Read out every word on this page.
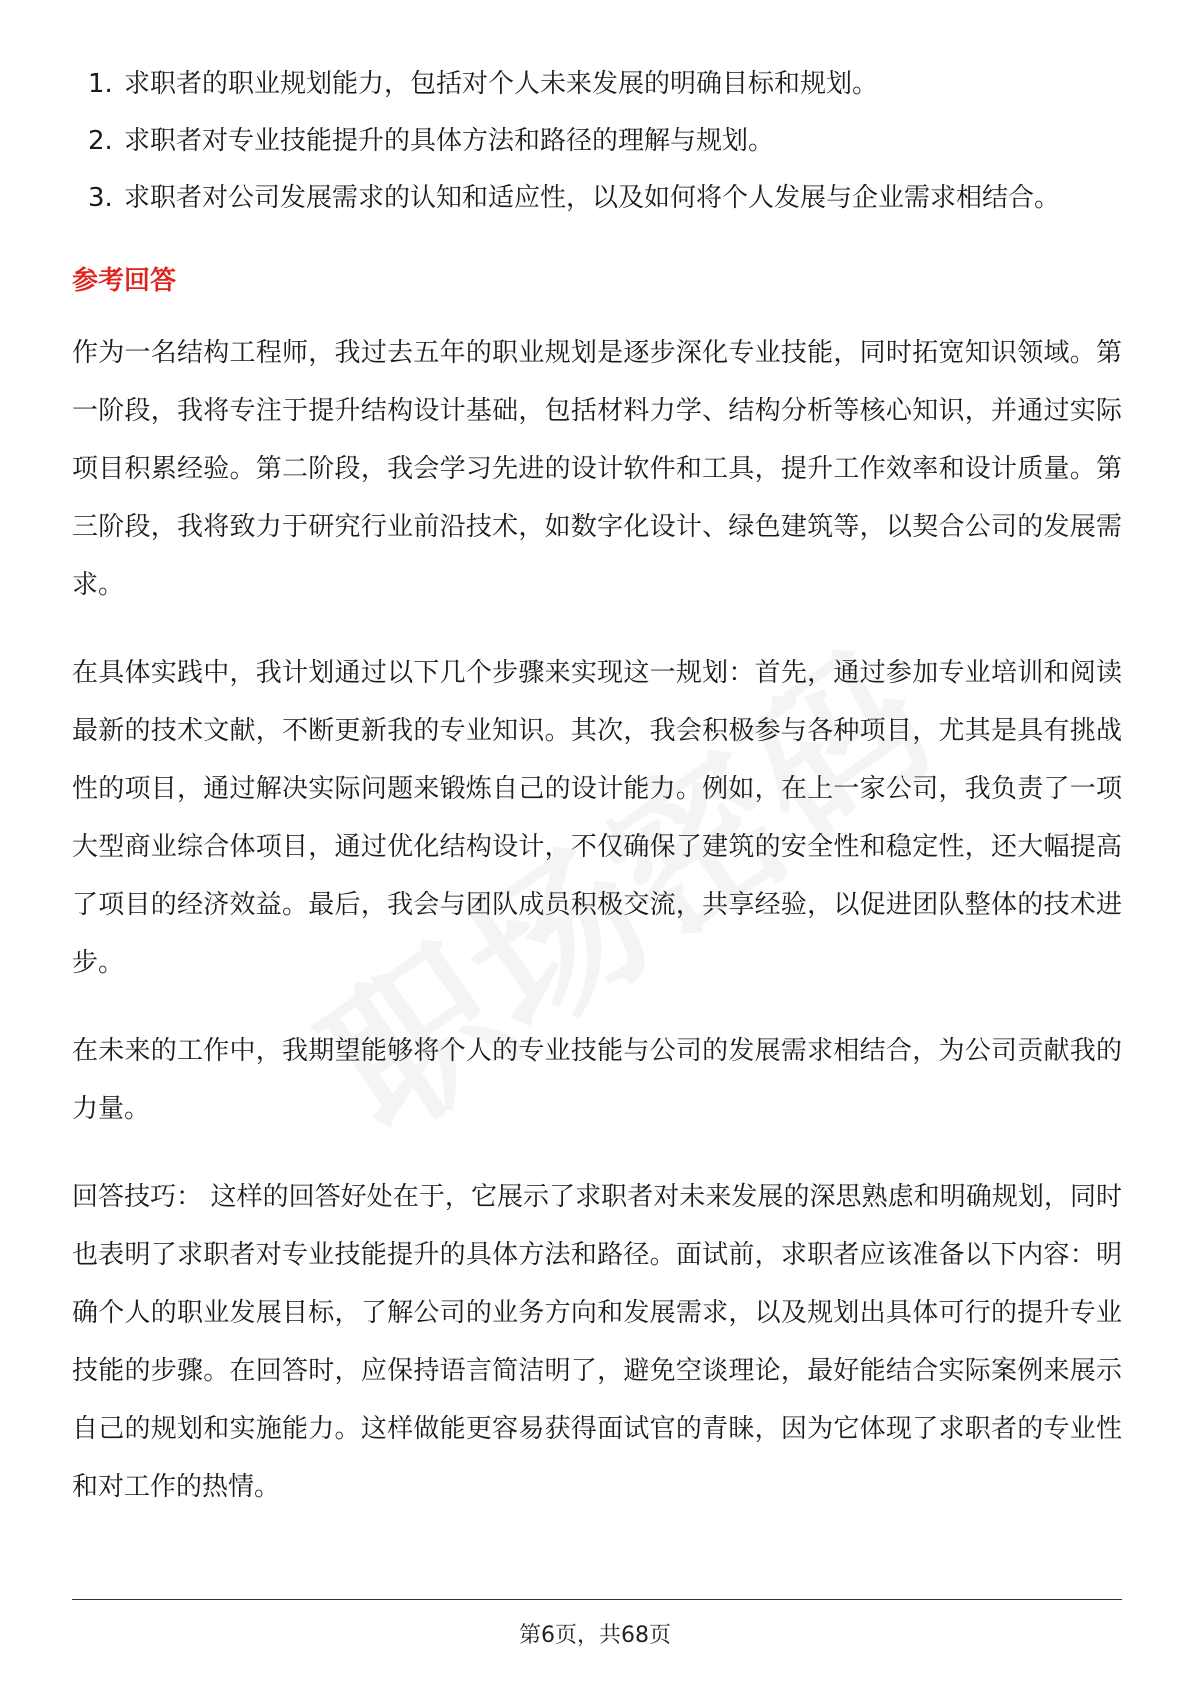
1. 求职者的职业规划能力，包括对个人未来发展的明确目标和规划。
2. 求职者对专业技能提升的具体方法和路径的理解与规划。
3. 求职者对公司发展需求的认知和适应性，以及如何将个人发展与企业需求相结合。
参考回答

作为一名结构工程师，我过去五年的职业规划是逐步深化专业技能，同时拓宽知识领域。第一阶段，我将专注于提升结构设计基础，包括材料力学、结构分析等核心知识，并通过实际项目积累经验。第二阶段，我会学习先进的设计软件和工具，提升工作效率和设计质量。第三阶段，我将致力于研究行业前沿技术，如数字化设计、绿色建筑等，以契合公司的发展需求。

在具体实践中，我计划通过以下几个步骤来实现这一规划：首先，通过参加专业培训和阅读最新的技术文献，不断更新我的专业知识。其次，我会积极参与各种项目，尤其是具有挑战性的项目，通过解决实际问题来锻炼自己的设计能力。例如，在上一家公司，我负责了一项大型商业综合体项目，通过优化结构设计，不仅确保了建筑的安全性和稳定性，还大幅提高了项目的经济效益。最后，我会与团队成员积极交流，共享经验，以促进团队整体的技术进步。

在未来的工作中，我期望能够将个人的专业技能与公司的发展需求相结合，为公司贡献我的力量。

回答技巧： 这样的回答好处在于，它展示了求职者对未来发展的深思熟虑和明确规划，同时也表明了求职者对专业技能提升的具体方法和路径。面试前，求职者应该准备以下内容：明确个人的职业发展目标，了解公司的业务方向和发展需求，以及规划出具体可行的提升专业技能的步骤。在回答时，应保持语言简洁明了，避免空谈理论，最好能结合实际案例来展示自己的规划和实施能力。这样做能更容易获得面试官的青睐，因为它体现了求职者的专业性和对工作的热情。

第6页，共68页
